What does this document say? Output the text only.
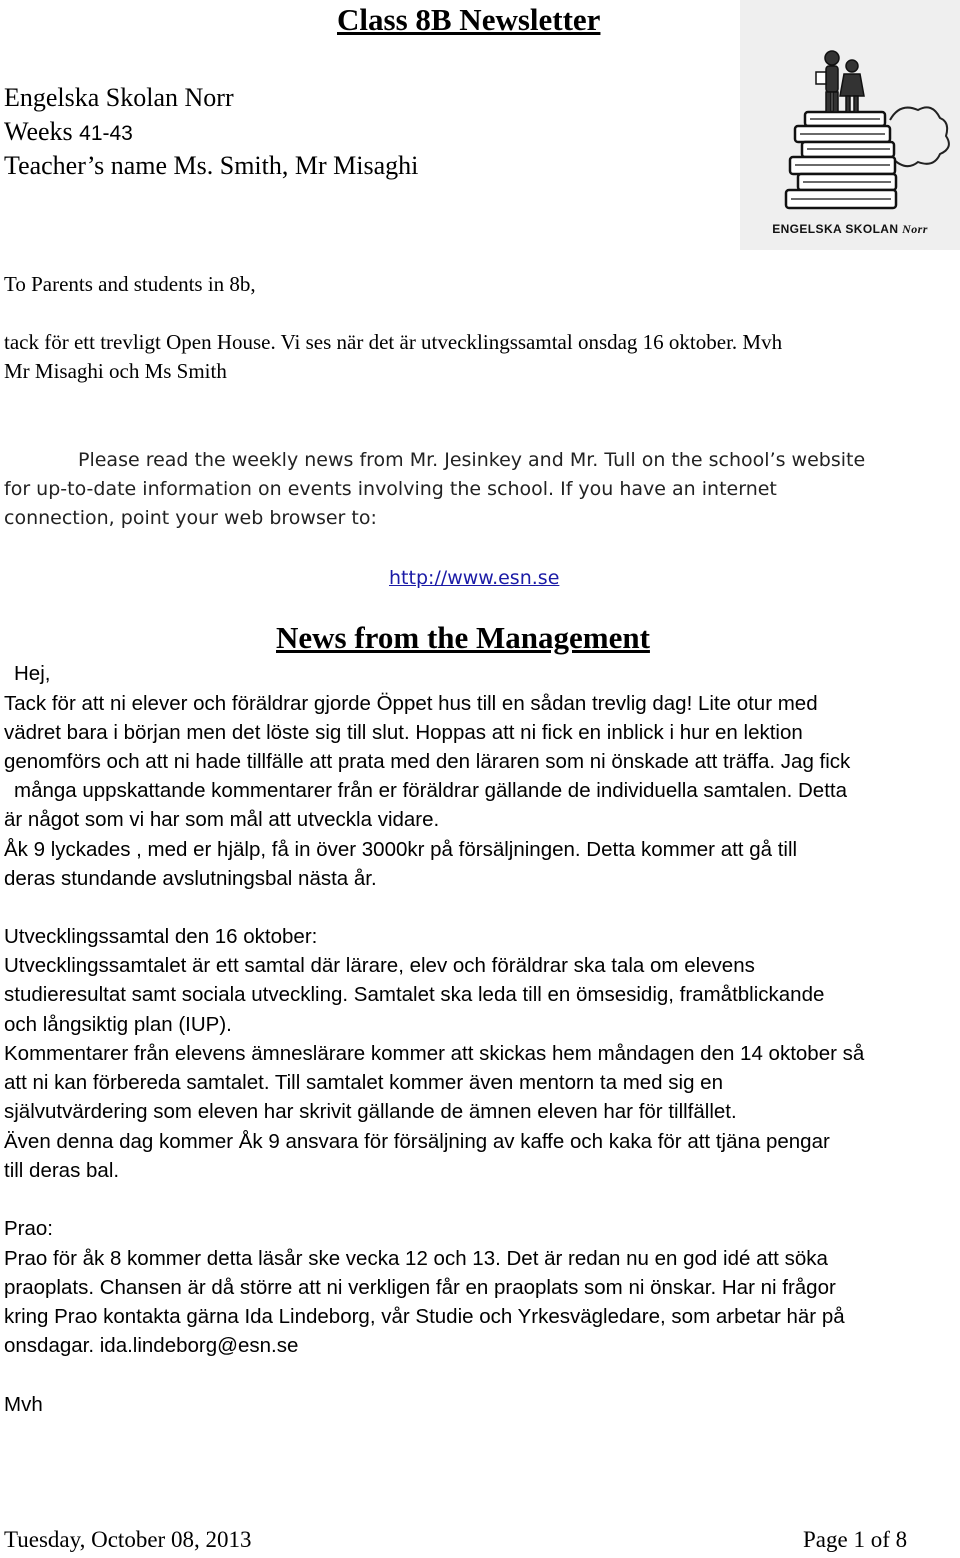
Class 8B Newsletter
Engelska Skolan Norr
Weeks 41-43
Teacher’s name Ms. Smith, Mr Misaghi
ENGELSKA SKOLAN Norr
To Parents and students in 8b,
tack för ett trevligt Open House. Vi ses när det är utvecklingssamtal onsdag 16 oktober. Mvh
Mr Misaghi och Ms Smith
Please read the weekly news from Mr. Jesinkey and Mr. Tull on the school’s website
for up-to-date information on events involving the school. If you have an internet
connection, point your web browser to:
http://www.esn.se
News from the Management
Hej,
Tack för att ni elever och föräldrar gjorde Öppet hus till en sådan trevlig dag! Lite otur med
vädret bara i början men det löste sig till slut. Hoppas att ni fick en inblick i hur en lektion
genomförs och att ni hade tillfälle att prata med den läraren som ni önskade att träffa. Jag fick
många uppskattande kommentarer från er föräldrar gällande de individuella samtalen. Detta
är något som vi har som mål att utveckla vidare.
Åk 9 lyckades , med er hjälp, få in över 3000kr på försäljningen. Detta kommer att gå till
deras stundande avslutningsbal nästa år.
Utvecklingssamtal den 16 oktober:
Utvecklingssamtalet är ett samtal där lärare, elev och föräldrar ska tala om elevens
studieresultat samt sociala utveckling. Samtalet ska leda till en ömsesidig, framåtblickande
och långsiktig plan (IUP).
Kommentarer från elevens ämneslärare kommer att skickas hem måndagen den 14 oktober så
att ni kan förbereda samtalet. Till samtalet kommer även mentorn ta med sig en
självutvärdering som eleven har skrivit gällande de ämnen eleven har för tillfället.
Även denna dag kommer Åk 9 ansvara för försäljning av kaffe och kaka för att tjäna pengar
till deras bal.
Prao:
Prao för åk 8 kommer detta läsår ske vecka 12 och 13. Det är redan nu en god idé att söka
praoplats. Chansen är då större att ni verkligen får en praoplats som ni önskar. Har ni frågor
kring Prao kontakta gärna Ida Lindeborg, vår Studie och Yrkesvägledare, som arbetar här på
onsdagar. ida.lindeborg@esn.se
Mvh
Tuesday, October 08, 2013	Page 1 of 8
